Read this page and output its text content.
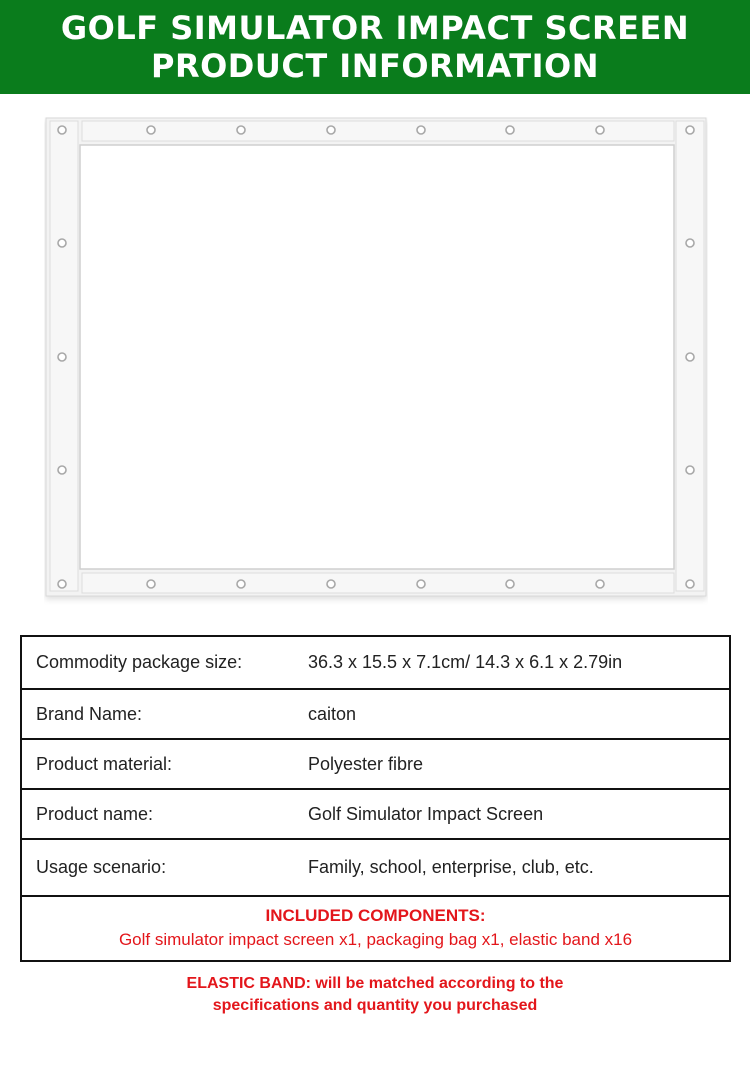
GOLF SIMULATOR IMPACT SCREEN
PRODUCT INFORMATION
Commodity package size:	36.3 x 15.5 x 7.1cm/ 14.3 x 6.1 x 2.79in
Brand Name:	caiton
Product material:	Polyester fibre
Product name:	Golf Simulator Impact Screen
Usage scenario:	Family, school, enterprise, club, etc.
INCLUDED COMPONENTS:
Golf simulator impact screen x1, packaging bag x1, elastic band x16
ELASTIC BAND: will be matched according to the
specifications and quantity you purchased
